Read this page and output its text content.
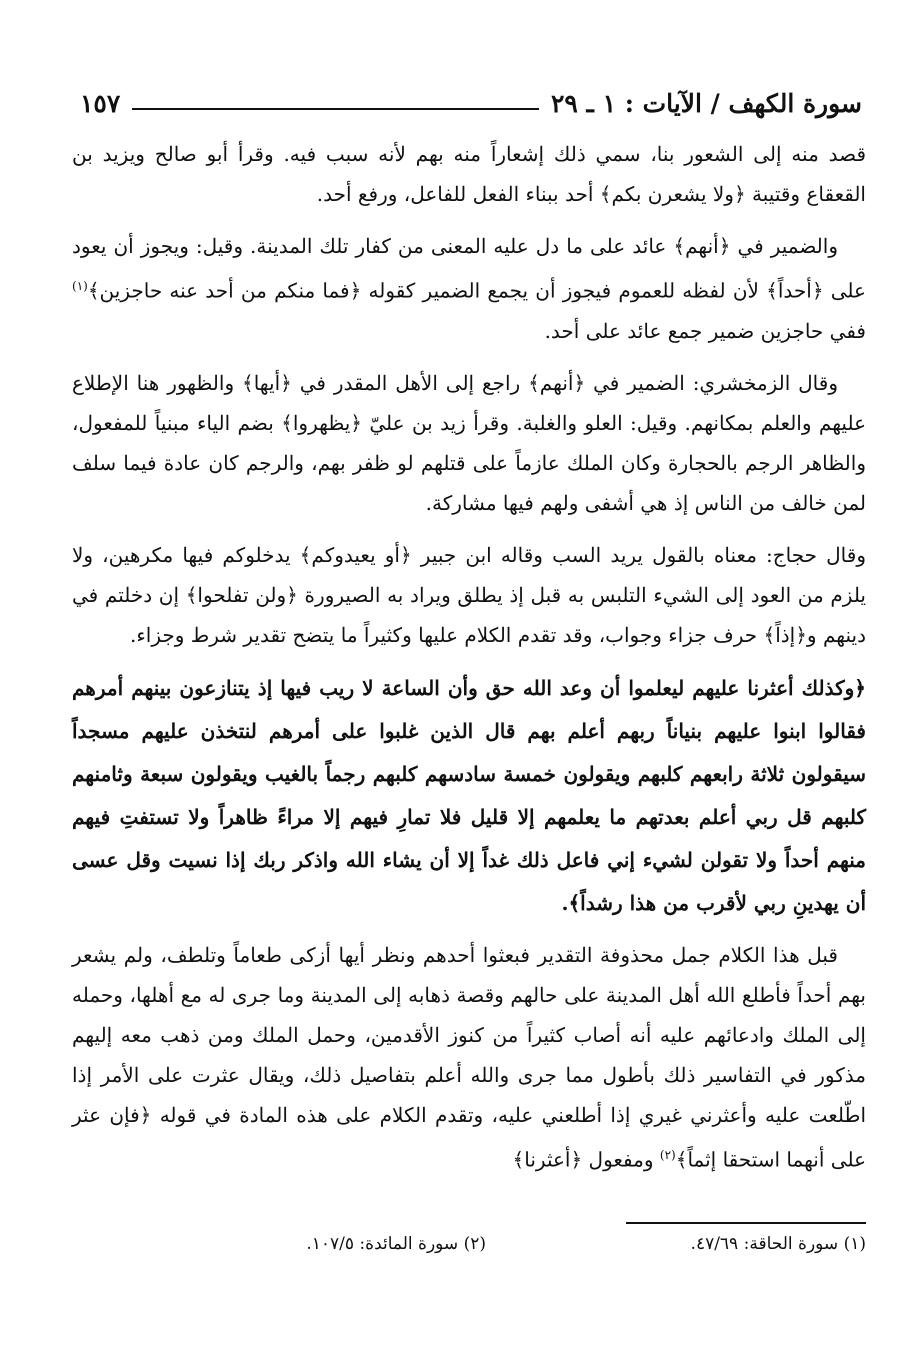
سورة الكهف / الآيات : ١ ـ ٢٩
١٥٧

قصد منه إلى الشعور بنا، سمي ذلك إشعاراً منه بهم لأنه سبب فيه. وقرأ أبو صالح ويزيد بن القعقاع وقتيبة ﴿ولا يشعرن بكم﴾ أحد ببناء الفعل للفاعل، ورفع أحد.

والضمير في ﴿أنهم﴾ عائد على ما دل عليه المعنى من كفار تلك المدينة. وقيل: ويجوز أن يعود على ﴿أحداً﴾ لأن لفظه للعموم فيجوز أن يجمع الضمير كقوله ﴿فما منكم من أحد عنه حاجزين﴾$^{(١)}$ ففي حاجزين ضمير جمع عائد على أحد.

وقال الزمخشري: الضمير في ﴿أنهم﴾ راجع إلى الأهل المقدر في ﴿أيها﴾ والظهور هنا الإطلاع عليهم والعلم بمكانهم. وقيل: العلو والغلبة. وقرأ زيد بن عليّ ﴿يظهروا﴾ بضم الياء مبنياً للمفعول، والظاهر الرجم بالحجارة وكان الملك عازماً على قتلهم لو ظفر بهم، والرجم كان عادة فيما سلف لمن خالف من الناس إذ هي أشفى ولهم فيها مشاركة.

وقال حجاج: معناه بالقول يريد السب وقاله ابن جبير ﴿أو يعيدوكم﴾ يدخلوكم فيها مكرهين، ولا يلزم من العود إلى الشيء التلبس به قبل إذ يطلق ويراد به الصيرورة ﴿ولن تفلحوا﴾ إن دخلتم في دينهم و﴿إذاً﴾ حرف جزاء وجواب، وقد تقدم الكلام عليها وكثيراً ما يتضح تقدير شرط وجزاء.

﴿وكذلك أعثرنا عليهم ليعلموا أن وعد الله حق وأن الساعة لا ريب فيها إذ يتنازعون بينهم أمرهم فقالوا ابنوا عليهم بنياناً ربهم أعلم بهم قال الذين غلبوا على أمرهم لنتخذن عليهم مسجداً سيقولون ثلاثة رابعهم كلبهم ويقولون خمسة سادسهم كلبهم رجماً بالغيب ويقولون سبعة وثامنهم كلبهم قل ربي أعلم بعدتهم ما يعلمهم إلا قليل فلا تمارِ فيهم إلا مراءً ظاهراً ولا تستفتِ فيهم منهم أحداً ولا تقولن لشيء إني فاعل ذلك غداً إلا أن يشاء الله واذكر ربك إذا نسيت وقل عسى أن يهدينِ ربي لأقرب من هذا رشداً﴾.

قبل هذا الكلام جمل محذوفة التقدير فبعثوا أحدهم ونظر أيها أزكى طعاماً وتلطف، ولم يشعر بهم أحداً فأطلع الله أهل المدينة على حالهم وقصة ذهابه إلى المدينة وما جرى له مع أهلها، وحمله إلى الملك وادعائهم عليه أنه أصاب كثيراً من كنوز الأقدمين، وحمل الملك ومن ذهب معه إليهم مذكور في التفاسير ذلك بأطول مما جرى والله أعلم بتفاصيل ذلك، ويقال عثرت على الأمر إذا اطّلعت عليه وأعثرني غيري إذا أطلعني عليه، وتقدم الكلام على هذه المادة في قوله ﴿فإن عثر على أنهما استحقا إثماً﴾$^{(٢)}$ ومفعول ﴿أعثرنا﴾

(١) سورة الحاقة: ٤٧/٦٩.
(٢) سورة المائدة: ١٠٧/٥.
